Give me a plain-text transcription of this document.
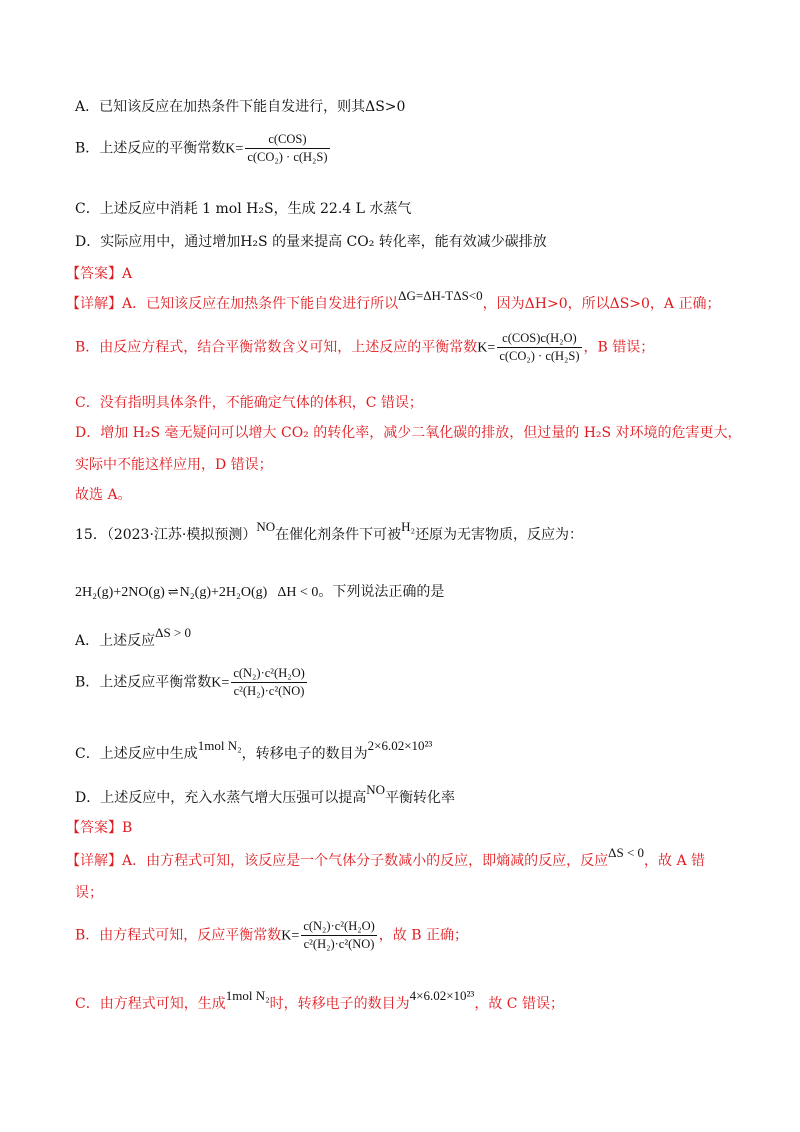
A．已知该反应在加热条件下能自发进行，则其ΔS>0
B．上述反应的平衡常数$K= \frac{\text{c(COS)}}{\text{c(CO₂) · c(H₂S)}}$
C．上述反应中消耗 1 mol H₂S，生成 22.4 L 水蒸气
D．实际应用中，通过增加H₂S 的量来提高 CO₂ 转化率，能有效减少碳排放
【答案】A
【详解】A．已知该反应在加热条件下能自发进行所以ΔG=ΔH-TΔS<0，因为ΔH>0，所以ΔS>0，A 正确；
B．由反应方程式，结合平衡常数含义可知，上述反应的平衡常数$K= \frac{\text{c(COS)c(H₂O)}}{\text{c(CO₂) · c(H₂S)}}$ ，B 错误；
C．没有指明具体条件，不能确定气体的体积，C 错误；
D．增加 H₂S 毫无疑问可以增大 CO₂ 的转化率，减少二氧化碳的排放，但过量的 H₂S 对环境的危害更大，
实际中不能这样应用，D 错误；
故选 A。
15．（2023·江苏·模拟预测）NO在催化剂条件下可被H₂还原为无害物质，反应为：
2H₂(g)+2NO(g) ⇌ N₂(g)+2H₂O(g) ΔH < 0。下列说法正确的是
A．上述反应ΔS > 0
B．上述反应平衡常数$K= \frac{\text{c(N₂)·c²(H₂O)}}{\text{c²(H₂)·c²(NO)}}$
C．上述反应中生成1mol N₂，转移电子的数目为2×6.02×10²³
D．上述反应中，充入水蒸气增大压强可以提高NO平衡转化率
【答案】B
【详解】A．由方程式可知，该反应是一个气体分子数减小的反应，即熵减的反应，反应ΔS < 0，故 A 错
误；
B．由方程式可知，反应平衡常数$K= \frac{\text{c(N₂)·c²(H₂O)}}{\text{c²(H₂)·c²(NO)}}$ ，故 B 正确；
C．由方程式可知，生成1mol N₂时，转移电子的数目为4×6.02×10²³，故 C 错误；
